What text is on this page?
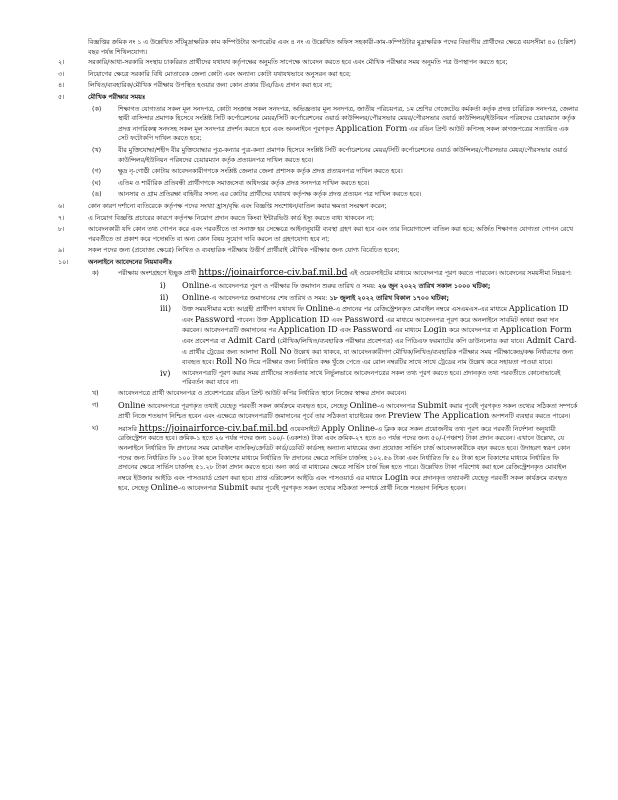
বিজ্ঞপ্তির ক্রমিক নং ১ এ উল্লেখিত সাঁটমুদ্রাক্ষরিক কাম কম্পিউটার অপারেটর এবং ৪ নং এ উল্লেখিত অফিস সহকারী-কাম-কম্পিউটার মুদ্রাক্ষরিক পদের বিভাগীয় প্রার্থীদের ক্ষেত্রে বয়সসীমা ৪০ (চল্লিশ) বছর পর্যন্ত শিথিলযোগ্য।

২।	সরকারি/আধা-সরকারি সংস্থায় চাকরিরত প্রার্থীদের যথাযথ কর্তৃপক্ষের অনুমতি সাপেক্ষে আবেদন করতে হবে এবং মৌখিক পরীক্ষার সময় অনুমতি পত্র উপস্থাপন করতে হবে;
৩।	নিয়োগের ক্ষেত্রে সরকারি বিধি মোতাবেক জেলা কোটা এবং অন্যান্য কোটা যথাযথভাবে অনুসরন করা হবে;
৪।	লিখিত/ব্যবহারিক/মৌখিক পরীক্ষায় উপস্থিত হওয়ার জন্য কোন প্রকার টিএ/ডিএ প্রদান করা হবে না;
৫।	মৌখিক পরীক্ষার সময়ঃ
(ক)	শিক্ষাগত যোগ্যতার সকল মূল সনদপত্র, কোটা সংক্রান্ত সকল সনদপত্র, অভিজ্ঞতার মূল সনদপত্র, জাতীয় পরিচয়পত্র, ১ম শ্রেণির গেজেটেড কর্মকর্তা কর্তৃক প্রদত্ত চারিত্রিক সনদপত্র, জেলার স্থায়ী বাসিন্দার প্রমাণক হিসেবে সংশ্লিষ্ট সিটি কর্পোরেশনের মেয়র/সিটি কর্পোরেশনের ওয়ার্ড কাউন্সিলর/পৌরসভার মেয়র/পৌরসভার ওয়ার্ড কাউন্সিলর/ইউনিয়ন পরিষদের চেয়ারম্যান কর্তৃক প্রদত্ত নাগরিকত্ব সনদসহ সকল মূল সনদপত্র প্রদর্শন করতে হবে এবং অনলাইনে পূরণকৃত Application Form এর রঙিন প্রিন্ট আউট কপিসহ সকল কাগজপত্রের সত্যায়িত এক সেট ফটোকপি দাখিল করতে হবে;
(খ)	বীর মুক্তিযোদ্ধা/শহীদ বীর মুক্তিযোদ্ধার পুত্র-কন্যার পুত্র-কন্যা প্রমাণক হিসেবে সংশ্লিষ্ট সিটি কর্পোরেশনের মেয়র/সিটি কর্পোরেশনের ওয়ার্ড কাউন্সিলর/পৌরসভার মেয়র/পৌরসভার ওয়ার্ড কাউন্সিলর/ইউনিয়ন পরিষদের চেয়ারম্যান কর্তৃক প্রত্যয়নপত্র দাখিল করতে হবে।
(গ)	ক্ষুদ্র নৃ-গোষ্ঠী কোটায় আবেদনকারীগণকে সংশ্লিষ্ট জেলার জেলা প্রশাসক কর্তৃক প্রদত্ত প্রত্যয়নপত্র দাখিল করতে হবে।
(ঘ)	এতিম ও শারীরিক প্রতিবন্ধী প্রার্থীগণকে সমাজসেবা অধিদপ্তর কর্তৃক প্রদত্ত সনদপত্র দাখিল করতে হবে।
(ঙ)	আনসার ও গ্রাম প্রতিরক্ষা বাহিনীর সদস্য এর কোটার প্রার্থীদের যথাযথ কর্তৃপক্ষ কর্তৃক প্রদত্ত প্রত্যয়ন পত্র দাখিল করতে হবে।
৬।	কোন কারণ দর্শানো ব্যতিরেকে কর্তৃপক্ষ পদের সংখ্যা হ্রাস/বৃদ্ধি এবং বিজ্ঞপ্তি সংশোধন/বাতিল করার ক্ষমতা সংরক্ষণ করেন;
৭।	এ নিয়োগ বিজ্ঞপ্তি প্রচারের কারণে কর্তৃপক্ষ নিয়োগ প্রদান করতে কিংবা ইন্টারভিউ কার্ড ইস্যু করতে বাধ্য থাকবেন না;
৮।	আবেদনকারী যদি কোন তথ্য গোপন করে এবং পরবর্তীতে তা সনাক্ত হয় সেক্ষেত্রে আইনানুযায়ী ব্যবস্থা গ্রহণ করা হবে এবং তার নিয়োগাদেশ বাতিল করা হবে; অর্জিত শিক্ষাগত যোগ্যতা গোপন রেখে পরবর্তীতে তা প্রকাশ করে পদোন্নতি বা অন্য কোন বিষয় সুযোগ দাবি করলে তা গ্রহণযোগ্য হবে না;
৯।	সকল পদের জন্য (প্রযোজ্য ক্ষেত্রে) লিখিত ও ব্যবহারিক পরীক্ষায় উত্তীর্ণ প্রার্থীরাই মৌখিক পরীক্ষার জন্য যোগ্য বিবেচিত হবেন;
১০।	অনলাইনে আবেদনের নিয়মাবলীঃ
ক)	পরীক্ষায় অংশগ্রহণে ইচ্ছুক প্রার্থী https://joinairforce-civ.baf.mil.bd এই ওয়েবসাইটের মাধ্যমে আবেদনপত্র পূরণ করতে পারবেন। আবেদনের সময়সীমা নিম্নরূপ:
i)	Online-এ আবেদনপত্র পূরণ ও পরীক্ষার ফি জমাদান শুরুর তারিখ ও সময়: ২৬ জুন ২০২২ তারিখ সকাল ১০০০ ঘটিকা;
ii)	Online-এ আবেদনপত্র জমাদানের শেষ তারিখ ও সময়: ১৮ জুলাই ২০২২ তারিখ বিকাল ১৭০০ ঘটিকা;
iii)	উক্ত সময়সীমার মধ্যে আগ্রহী প্রার্থীগণ যথাযথ ফি Online-এ প্রদানের পর রেজিস্ট্রেশনকৃত মোবাইল নম্বরে এসএমএস-এর মাধ্যমে Application ID এবং Password পাবেন। উক্ত Application ID এবং Password এর মাধ্যমে আবেদনপত্র পূরণ করে অনলাইনে সাবমিট অথবা জমা দান করবেন। আবেদনপত্রটি জমাদানের পর Application ID এবং Password এর মাধ্যমে Login করে আবেদনপত্র বা Application Form এবং প্রবেশপত্র বা Admit Card (মৌখিক/লিখিত/ব্যবহারিক পরীক্ষার প্রবেশপত্র) এর পিডিএফ ফরম্যাটের কপি ডাউনলোড করা যাবে। Admit Card-এ প্রার্থীর ট্রেডের জন্য আলাদা Roll No উল্লেখ করা থাকবে, যা আবেদনকারীগণ মৌখিক/লিখিত/ব্যবহারিক পরীক্ষার সময় পরীক্ষাকেন্দ্র/কক্ষ নির্ধারণের জন্য ব্যবহৃত হবে। Roll No দিয়ে পরীক্ষার জন্য নির্ধারিত কক্ষ খুঁজে পেতে এর রোল নম্বরটির সাথে সাথে ট্রেডের নাম উল্লেখ করে সহায়তা পাওয়া যাবে।
iv)	আবেদনপত্রটি পূরণ করার সময় প্রার্থীদের সতর্কতার সাথে নির্ভুলভাবে আবেদনপত্রের সকল তথ্য পূরণ করতে হবে। প্রদানকৃত তথ্য পরবর্তীতে কোনোভাবেই পরিবর্তন করা যাবে না।
খ)	আবেদনপত্রে প্রার্থী আবেদনপত্র ও প্রবেশপত্রের রঙিন প্রিন্ট আউট কপির নির্ধারিত স্থানে নিজের স্বাক্ষর প্রদান করবেন।
গ)	Online আবেদনপত্রে পূরণকৃত তথ্যই যেহেতু পরবর্তী সকল কার্যক্রমে ব্যবহৃত হবে, সেহেতু Online-এ আবেদনপত্র Submit করার পূর্বেই পূরণকৃত সকল তথ্যের সঠিকতা সম্পর্কে প্রার্থী নিজে শতভাগ নিশ্চিত হবেন এবং এক্ষেত্রে আবেদনপত্রটি জমাদানের পূর্বে তার সঠিকতা যাচাইয়ের জন্য Preview The Application অপশনটি ব্যবহার করতে পারেন।
ঘ)	সরাসরি https://joinairforce-civ.baf.mil.bd ওয়েবসাইটে Apply Online-এ ক্লিক করে সকল প্রয়োজনীয় তথ্য পূরণ করে পরবর্তী নির্দেশনা অনুযায়ী রেজিস্ট্রেশন করতে হবে। ক্রমিক-১ হতে ২৬ পর্যন্ত পদের জন্য ১০০/- (একশত) টাকা এবং ক্রমিক-২৭ হতে ৪৩ পর্যন্ত পদের জন্য ৫০/-(পঞ্চাশ) টাকা প্রদান করবেন। এখানে উল্লেখ্য, যে অনলাইনে নির্ধারিত ফি প্রদানের সময় মোবাইল ব্যাংকিং/ক্রেডিট কার্ড/ডেবিট কার্ডসহ অন্যান্য মাধ্যমের জন্য প্রযোজ্য সার্ভিস চার্জ আবেদনকারীকে বহন করতে হবে। উদাহরণ স্বরূপ কোন পদের জন্য নির্ধারিত ফি ১০০ টাকা হলে বিকাশের মাধ্যমে নির্ধারিত ফি প্রদানের ক্ষেত্রে সার্ভিস চার্জসহ ১০২.৫৬ টাকা এবং নির্ধারিত ফি ৫০ টাকা হলে বিকাশের মাধ্যমে নির্ধারিত ফি প্রদানের ক্ষেত্রে সার্ভিস চার্জসহ ৫১.২৮ টাকা প্রদান করতে হবে। অন্য কার্ড বা মাধ্যমের ক্ষেত্রে সার্ভিস চার্জ ভিন্ন হতে পারে। উল্লেখিত টাকা পরিশোধ করা হলে রেজিস্ট্রেশনকৃত মোবাইল নম্বরে ইউজার আইডি এবং পাসওয়ার্ড প্রেরণ করা হবে। প্রাপ্ত এপ্লিকেশন আইডি এবং পাসওয়ার্ড এর মাধ্যমে Login করে প্রদানকৃত তথ্যাবলী যেহেতু পরবর্তী সকল কার্যক্রমে ব্যবহৃত হবে, সেহেতু Online-এ আবেদনপত্র Submit করার পূর্বেই পূরণকৃত সকল তথ্যের সঠিকতা সম্পর্কে প্রার্থী নিজে শতভাগ নিশ্চিত হবেন।
